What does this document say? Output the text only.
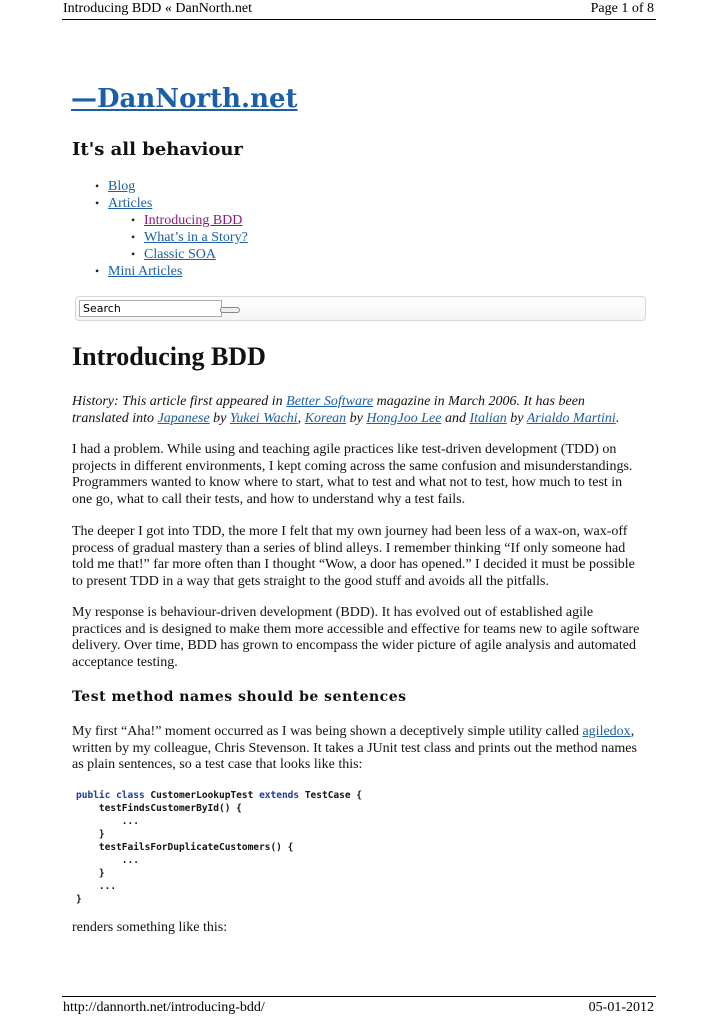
Introducing BDD « DanNorth.net	Page 1 of 8
—DanNorth.net
It's all behaviour
• Blog
• Articles
• Introducing BDD
• What’s in a Story?
• Classic SOA
• Mini Articles
Search
Introducing BDD
History: This article first appeared in Better Software magazine in March 2006. It has been translated into Japanese by Yukei Wachi, Korean by HongJoo Lee and Italian by Arialdo Martini.
I had a problem. While using and teaching agile practices like test-driven development (TDD) on projects in different environments, I kept coming across the same confusion and misunderstandings. Programmers wanted to know where to start, what to test and what not to test, how much to test in one go, what to call their tests, and how to understand why a test fails.
The deeper I got into TDD, the more I felt that my own journey had been less of a wax-on, wax-off process of gradual mastery than a series of blind alleys. I remember thinking “If only someone had told me that!” far more often than I thought “Wow, a door has opened.” I decided it must be possible to present TDD in a way that gets straight to the good stuff and avoids all the pitfalls.
My response is behaviour-driven development (BDD). It has evolved out of established agile practices and is designed to make them more accessible and effective for teams new to agile software delivery. Over time, BDD has grown to encompass the wider picture of agile analysis and automated acceptance testing.
Test method names should be sentences
My first “Aha!” moment occurred as I was being shown a deceptively simple utility called agiledox, written by my colleague, Chris Stevenson. It takes a JUnit test class and prints out the method names as plain sentences, so a test case that looks like this:
public class CustomerLookupTest extends TestCase {
testFindsCustomerById() {
...
}
testFailsForDuplicateCustomers() {
...
}
...
}
renders something like this:
http://dannorth.net/introducing-bdd/	05-01-2012
